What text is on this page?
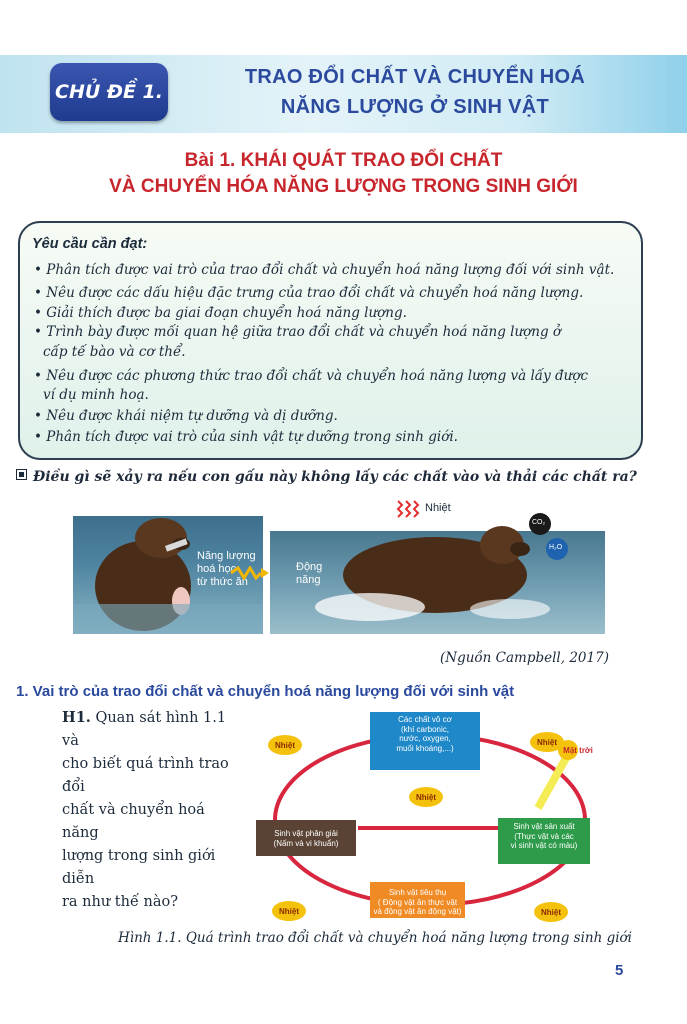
CHỦ ĐỀ 1.
TRAO ĐỔI CHẤT VÀ CHUYỂN HOÁ
NĂNG LƯỢNG Ở SINH VẬT
Bài 1. KHÁI QUÁT TRAO ĐỔI CHẤT
VÀ CHUYỂN HÓA NĂNG LƯỢNG TRONG SINH GIỚI
Yêu cầu cần đạt:
• Phân tích được vai trò của trao đổi chất và chuyển hoá năng lượng đối với sinh vật.
• Nêu được các dấu hiệu đặc trưng của trao đổi chất và chuyển hoá năng lượng.
• Giải thích được ba giai đoạn chuyển hoá năng lượng.
• Trình bày được mối quan hệ giữa trao đổi chất và chuyển hoá năng lượng ở
cấp tế bào và cơ thể.
• Nêu được các phương thức trao đổi chất và chuyển hoá năng lượng và lấy được
ví dụ minh hoạ.
• Nêu được khái niệm tự dưỡng và dị dưỡng.
• Phân tích được vai trò của sinh vật tự dưỡng trong sinh giới.
Điều gì sẽ xảy ra nếu con gấu này không lấy các chất vào và thải các chất ra?
Năng lượng
hoá học
từ thức ăn
Nhiệt
CO₂
H₂O
Động
năng
(Nguồn Campbell, 2017)
1. Vai trò của trao đổi chất và chuyển hoá năng lượng đối với sinh vật
H1. Quan sát hình 1.1 và
cho biết quá trình trao đổi
chất và chuyển hoá năng
lượng trong sinh giới diễn
ra như thế nào?
Các chất vô cơ
(khí carbonic,
nước, oxygen,
muối khoáng,...)
Sinh vật sản xuất
(Thực vật và các
vi sinh vật có màu)
Sinh vật tiêu thụ
( Động vật ăn thực vật
và động vật ăn động vật)
Sinh vật phân giải
(Nấm và vi khuẩn)
Nhiệt	Nhiệt
Nhiệt
Nhiệt	Nhiệt
Mặt trời
Hình 1.1. Quá trình trao đổi chất và chuyển hoá năng lượng trong sinh giới
5
